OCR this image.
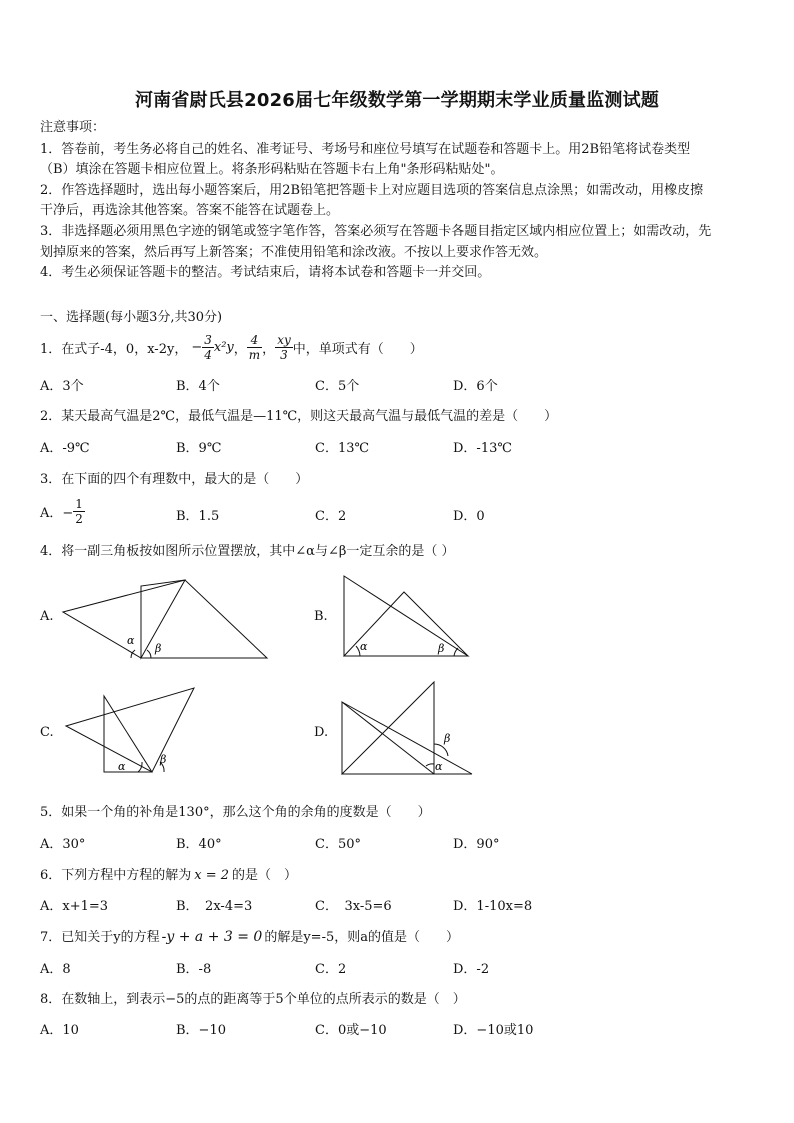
河南省尉氏县2026届七年级数学第一学期期末学业质量监测试题
注意事项：
1．答卷前，考生务必将自己的姓名、准考证号、考场号和座位号填写在试题卷和答题卡上。用2B铅笔将试卷类型
（B）填涂在答题卡相应位置上。将条形码粘贴在答题卡右上角"条形码粘贴处"。
2．作答选择题时，选出每小题答案后，用2B铅笔把答题卡上对应题目选项的答案信息点涂黑；如需改动，用橡皮擦
干净后，再选涂其他答案。答案不能答在试题卷上。
3．非选择题必须用黑色字迹的钢笔或签字笔作答，答案必须写在答题卡各题目指定区域内相应位置上；如需改动，先
划掉原来的答案，然后再写上新答案；不准使用铅笔和涂改液。不按以上要求作答无效。
4．考生必须保证答题卡的整洁。考试结束后，请将本试卷和答题卡一并交回。
一、选择题(每小题3分,共30分)
1．在式子-4，0，x-2y， − $\frac{3}{4} x^2y$ ， $\frac{4}{m}$ ， $\frac{xy}{3}$ 中，单项式有（　　）
A．3个	B．4个	C．5个	D．6个
2．某天最高气温是2℃，最低气温是—11℃，则这天最高气温与最低气温的差是（　　）
A．-9℃	B．9℃	C．13℃	D．-13℃
3．在下面的四个有理数中，最大的是（　　）
A．− $\frac{1}{2}$	B．1.5	C．2	D．0
4．将一副三角板按如图所示位置摆放，其中∠α与∠β一定互余的是（ ）
A.
α
β
B.
α	β
C.
α
β
D.	β
α
5．如果一个角的补角是130°，那么这个角的余角的度数是（　　）
A．30°	B．40°	C．50°	D．90°
6．下列方程中方程的解为 x = 2 的是（　）
A．x+1=3	B．　2x-4=3	C．　3x-5=6	D．1-10x=8
7．已知关于y的方程 -y + a + 3 = 0 的解是y=-5，则a的值是（　　）
A．8	B．-8	C．2	D．-2
8．在数轴上，到表示−5的点的距离等于5个单位的点所表示的数是（　）
A．10	B．−10	C．0或−10	D．−10或10
